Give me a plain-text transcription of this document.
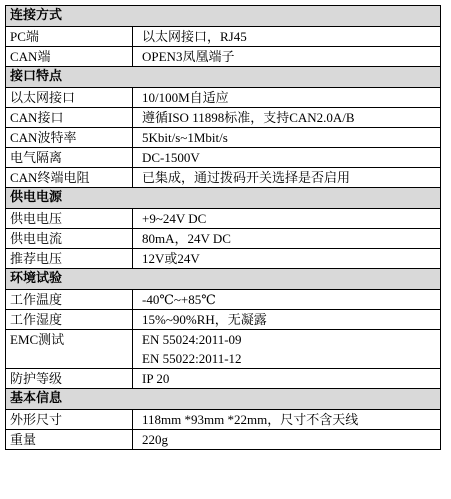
连接方式	
PC端	以太网接口，RJ45

CAN端	OPEN3凤凰端子

接口特点	
以太网接口	10/100M自适应

CAN接口	遵循ISO 11898标准，支持CAN2.0A/B

CAN波特率	5Kbit/s~1Mbit/s

电气隔离	DC-1500V

CAN终端电阻	已集成，通过拨码开关选择是否启用

供电电源	
供电电压	+9~24V DC

供电电流	80mA，24V DC

推荐电压	12V或24V

环境试验	
工作温度	-40℃~+85℃

工作湿度	15%~90%RH，无凝露

EMC测试	EN 55024:2011-09
EN 55022:2011-12

防护等级	IP 20

基本信息	
外形尺寸	118mm *93mm *22mm，尺寸不含天线

重量	220g
